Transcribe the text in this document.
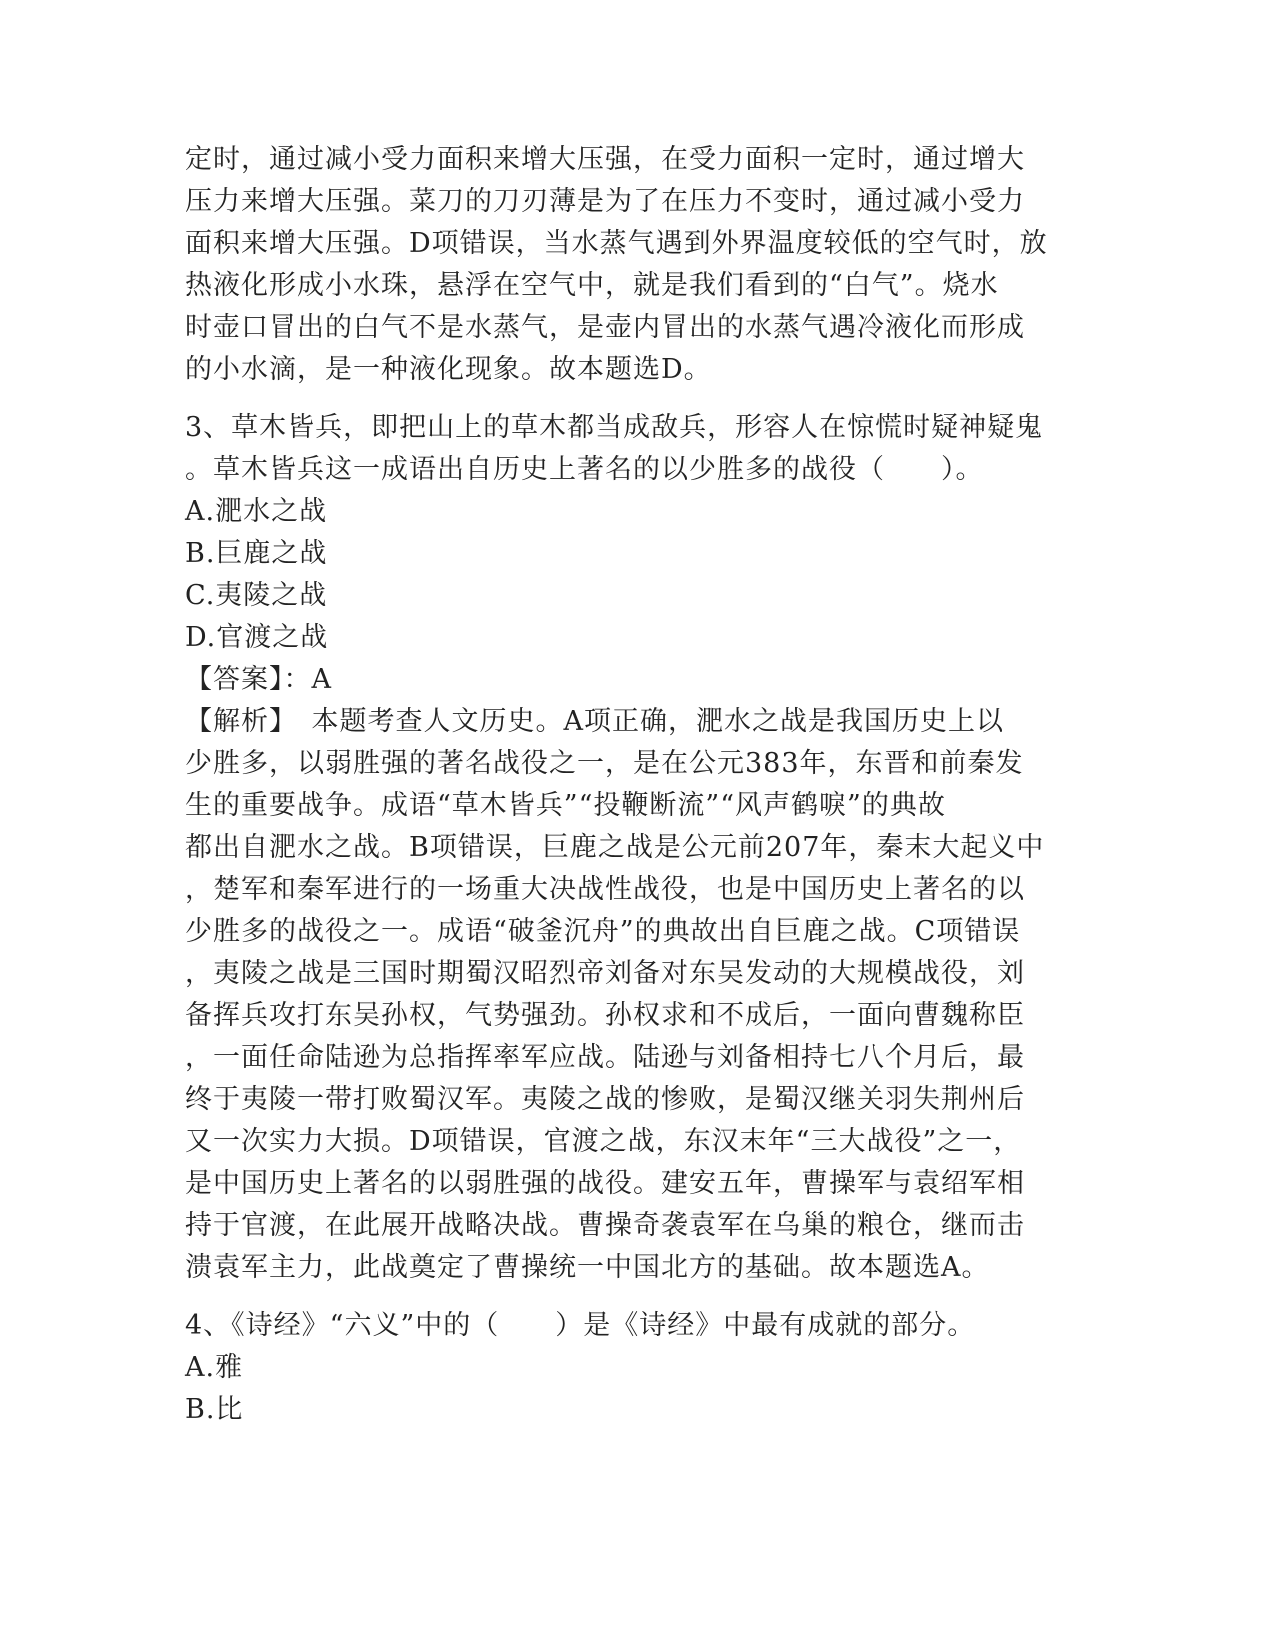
定时，通过减小受力面积来增大压强，在受力面积一定时，通过增大
压力来增大压强。菜刀的刀刃薄是为了在压力不变时，通过减小受力
面积来增大压强。D项错误，当水蒸气遇到外界温度较低的空气时，放
热液化形成小水珠，悬浮在空气中，就是我们看到的“白气”。烧水
时壶口冒出的白气不是水蒸气，是壶内冒出的水蒸气遇冷液化而形成
的小水滴，是一种液化现象。故本题选D。
3、草木皆兵，即把山上的草木都当成敌兵，形容人在惊慌时疑神疑鬼
。草木皆兵这一成语出自历史上著名的以少胜多的战役（　　）。
A.淝水之战
B.巨鹿之战
C.夷陵之战
D.官渡之战
【答案】：A
【解析】　本题考查人文历史。A项正确，淝水之战是我国历史上以
少胜多，以弱胜强的著名战役之一，是在公元383年，东晋和前秦发
生的重要战争。成语“草木皆兵”“投鞭断流”“风声鹤唳”的典故
都出自淝水之战。B项错误，巨鹿之战是公元前207年，秦末大起义中
，楚军和秦军进行的一场重大决战性战役，也是中国历史上著名的以
少胜多的战役之一。成语“破釜沉舟”的典故出自巨鹿之战。C项错误
，夷陵之战是三国时期蜀汉昭烈帝刘备对东吴发动的大规模战役，刘
备挥兵攻打东吴孙权，气势强劲。孙权求和不成后，一面向曹魏称臣
，一面任命陆逊为总指挥率军应战。陆逊与刘备相持七八个月后，最
终于夷陵一带打败蜀汉军。夷陵之战的惨败，是蜀汉继关羽失荆州后
又一次实力大损。D项错误，官渡之战，东汉末年“三大战役”之一，
是中国历史上著名的以弱胜强的战役。建安五年，曹操军与袁绍军相
持于官渡，在此展开战略决战。曹操奇袭袁军在乌巢的粮仓，继而击
溃袁军主力，此战奠定了曹操统一中国北方的基础。故本题选A。
4、《诗经》“六义”中的（　　）是《诗经》中最有成就的部分。
A.雅
B.比
